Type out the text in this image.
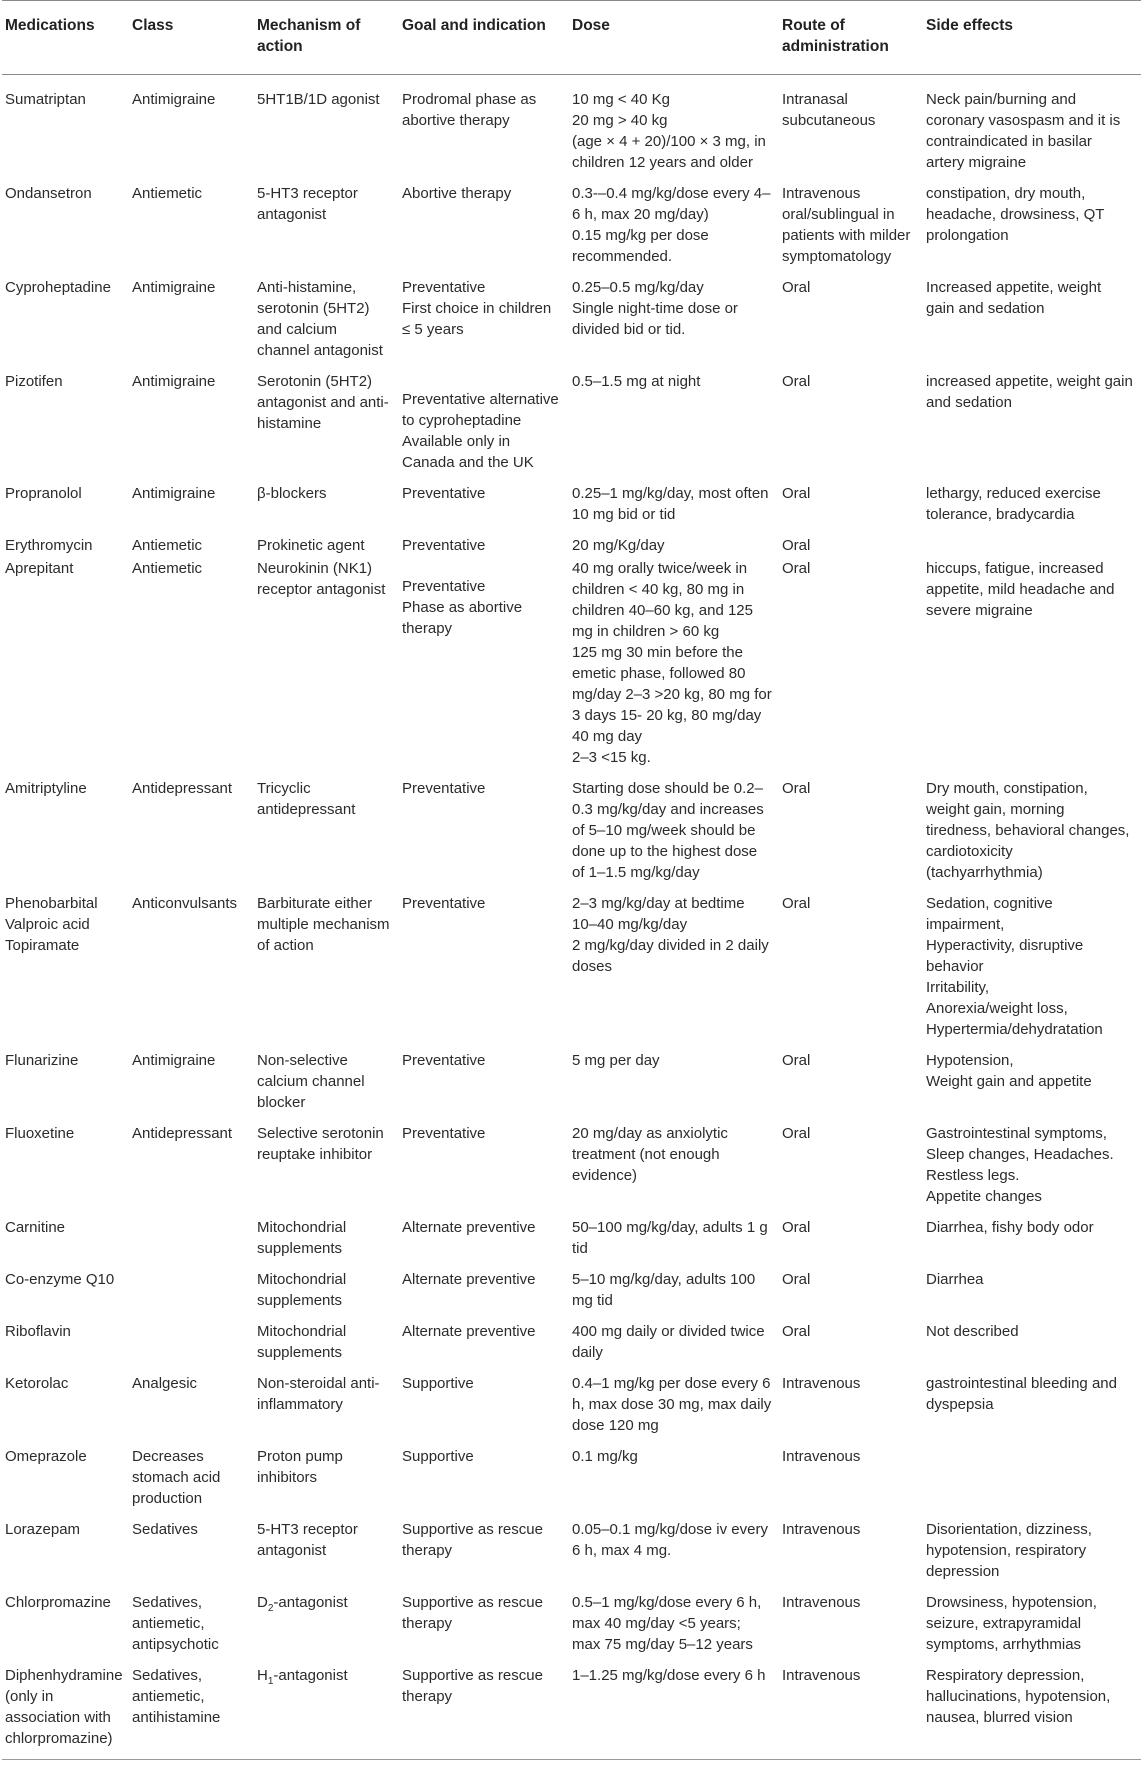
Medications	Class	Mechanism of action	Goal and indication	Dose	Route of administration	Side effects

Sumatriptan	Antimigraine	5HT1B/1D agonist	Prodromal phase as abortive therapy	10 mg < 40 Kg
20 mg > 40 kg
(age × 4 + 20)/100 × 3 mg, in children 12 years and older	Intranasal subcutaneous	Neck pain/burning and coronary vasospasm and it is contraindicated in basilar artery migraine

Ondansetron	Antiemetic	5-HT3 receptor antagonist	Abortive therapy	0.3-–0.4 mg/kg/dose every 4–6 h, max 20 mg/day)
0.15 mg/kg per dose recommended.	Intravenous oral/sublingual in patients with milder symptomatology	constipation, dry mouth, headache, drowsiness, QT prolongation

Cyproheptadine	Antimigraine	Anti-histamine, serotonin (5HT2) and calcium channel antagonist	Preventative
First choice in children ≤ 5 years	0.25–0.5 mg/kg/day
Single night-time dose or divided bid or tid.	Oral	Increased appetite, weight gain and sedation

Pizotifen	Antimigraine	Serotonin (5HT2) antagonist and anti-histamine	Preventative alternative to cyproheptadine
Available only in Canada and the UK	0.5–1.5 mg at night	Oral	increased appetite, weight gain and sedation

Propranolol	Antimigraine	β-blockers	Preventative	0.25–1 mg/kg/day, most often 10 mg bid or tid	Oral	lethargy, reduced exercise tolerance, bradycardia

Erythromycin	Antiemetic	Prokinetic agent	Preventative	20 mg/Kg/day	Oral	

Aprepitant	Antiemetic	Neurokinin (NK1) receptor antagonist	Preventative
Phase as abortive therapy	40 mg orally twice/week in children < 40 kg, 80 mg in children 40–60 kg, and 125 mg in children > 60 kg
125 mg 30 min before the emetic phase, followed 80 mg/day 2–3 >20 kg, 80 mg for 3 days 15- 20 kg, 80 mg/day 40 mg day
2–3 <15 kg.	Oral	hiccups, fatigue, increased appetite, mild headache and severe migraine

Amitriptyline	Antidepressant	Tricyclic antidepressant	Preventative	Starting dose should be 0.2–0.3 mg/kg/day and increases of 5–10 mg/week should be done up to the highest dose of 1–1.5 mg/kg/day	Oral	Dry mouth, constipation, weight gain, morning tiredness, behavioral changes, cardiotoxicity (tachyarrhythmia)

Phenobarbital
Valproic acid
Topiramate	Anticonvulsants	Barbiturate either multiple mechanism of action	Preventative	2–3 mg/kg/day at bedtime
10–40 mg/kg/day
2 mg/kg/day divided in 2 daily doses	Oral	Sedation, cognitive impairment,
Hyperactivity, disruptive behavior
Irritability,
Anorexia/weight loss, Hypertermia/dehydratation

Flunarizine	Antimigraine	Non-selective calcium channel blocker	Preventative	5 mg per day	Oral	Hypotension,
Weight gain and appetite

Fluoxetine	Antidepressant	Selective serotonin reuptake inhibitor	Preventative	20 mg/day as anxiolytic treatment (not enough evidence)	Oral	Gastrointestinal symptoms,
Sleep changes, Headaches.
Restless legs.
Appetite changes

Carnitine		Mitochondrial supplements	Alternate preventive	50–100 mg/kg/day, adults 1 g tid	Oral	Diarrhea, fishy body odor

Co-enzyme Q10		Mitochondrial supplements	Alternate preventive	5–10 mg/kg/day, adults 100 mg tid	Oral	Diarrhea

Riboflavin		Mitochondrial supplements	Alternate preventive	400 mg daily or divided twice daily	Oral	Not described

Ketorolac	Analgesic	Non-steroidal anti-inflammatory	Supportive	0.4–1 mg/kg per dose every 6 h, max dose 30 mg, max daily dose 120 mg	Intravenous	gastrointestinal bleeding and dyspepsia

Omeprazole	Decreases stomach acid production	Proton pump inhibitors	Supportive	0.1 mg/kg	Intravenous	

Lorazepam	Sedatives	5-HT3 receptor antagonist	Supportive as rescue therapy	0.05–0.1 mg/kg/dose iv every 6 h, max 4 mg.	Intravenous	Disorientation, dizziness, hypotension, respiratory depression

Chlorpromazine	Sedatives, antiemetic, antipsychotic	$D_2$-antagonist	Supportive as rescue therapy	0.5–1 mg/kg/dose every 6 h, max 40 mg/day <5 years; max 75 mg/day 5–12 years	Intravenous	Drowsiness, hypotension, seizure, extrapyramidal symptoms, arrhythmias

Diphenhydramine (only in association with chlorpromazine)	Sedatives, antiemetic, antihistamine	$H_1$-antagonist	Supportive as rescue therapy	1–1.25 mg/kg/dose every 6 h	Intravenous	Respiratory depression, hallucinations, hypotension, nausea, blurred vision
